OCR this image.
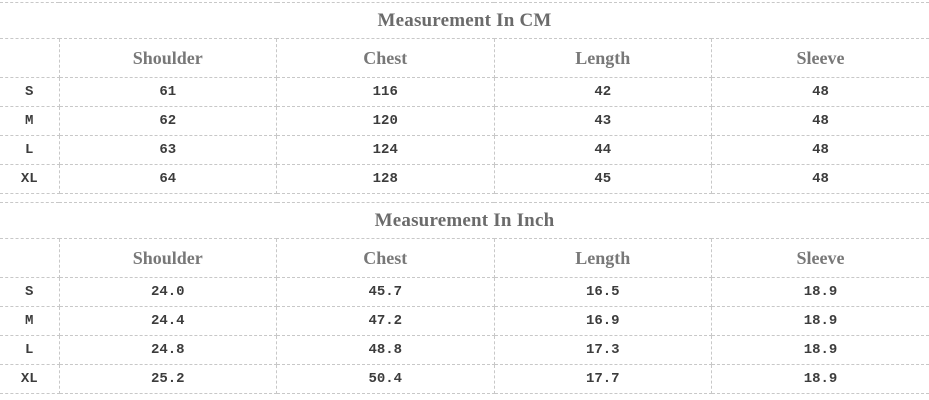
Measurement In CM				
	Shoulder	Chest	Length	Sleeve
S	61	116	42	48
M	62	120	43	48
L	63	124	44	48
XL	64	128	45	48
Measurement In Inch				
	Shoulder	Chest	Length	Sleeve
S	24.0	45.7	16.5	18.9
M	24.4	47.2	16.9	18.9
L	24.8	48.8	17.3	18.9
XL	25.2	50.4	17.7	18.9
